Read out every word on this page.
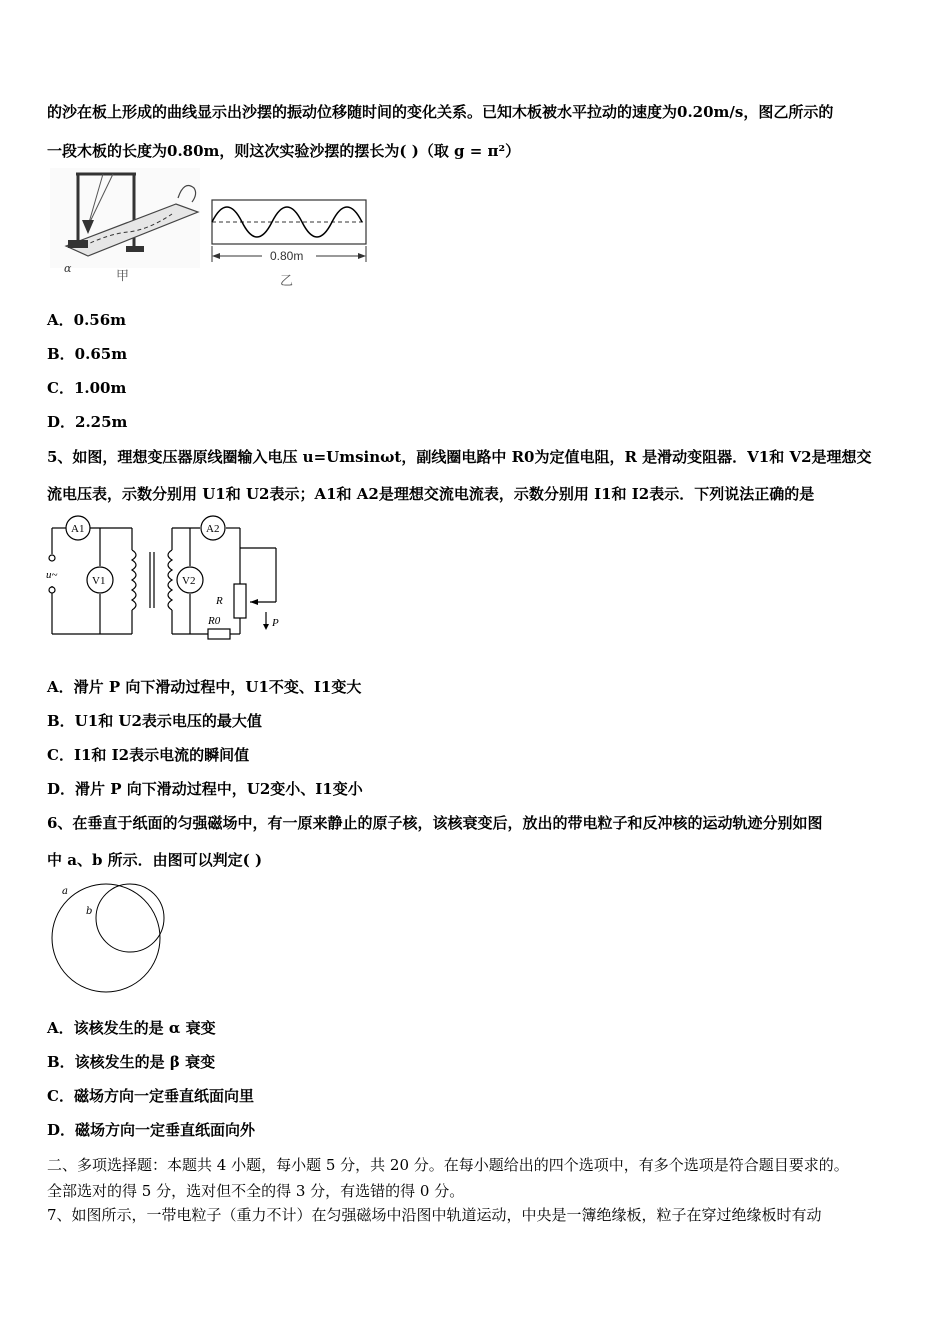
的沙在板上形成的曲线显示出沙摆的振动位移随时间的变化关系。已知木板被水平拉动的速度为0.20m/s，图乙所示的
一段木板的长度为0.80m，则这次实验沙摆的摆长为( )（取 g = π²）
α
甲
0.80m
乙
A．0.56m
B．0.65m
C．1.00m
D．2.25m
5、如图，理想变压器原线圈输入电压 u=Umsinωt，副线圈电路中 R0为定值电阻，R 是滑动变阻器．V1和 V2是理想交
流电压表，示数分别用 U1和 U2表示；A1和 A2是理想交流电流表，示数分别用 I1和 I2表示．下列说法正确的是
A1
V1
A2
V2
u~
R
R0	P
A．滑片 P 向下滑动过程中，U1不变、I1变大
B．U1和 U2表示电压的最大值
C．I1和 I2表示电流的瞬间值
D．滑片 P 向下滑动过程中，U2变小、I1变小
6、在垂直于纸面的匀强磁场中，有一原来静止的原子核，该核衰变后，放出的带电粒子和反冲核的运动轨迹分别如图
中 a、b 所示．由图可以判定( )
a
b
A．该核发生的是 α 衰变
B．该核发生的是 β 衰变
C．磁场方向一定垂直纸面向里
D．磁场方向一定垂直纸面向外
二、多项选择题：本题共 4 小题，每小题 5 分，共 20 分。在每小题给出的四个选项中，有多个选项是符合题目要求的。
全部选对的得 5 分，选对但不全的得 3 分，有选错的得 0 分。
7、如图所示，一带电粒子（重力不计）在匀强磁场中沿图中轨道运动，中央是一簿绝缘板，粒子在穿过绝缘板时有动
